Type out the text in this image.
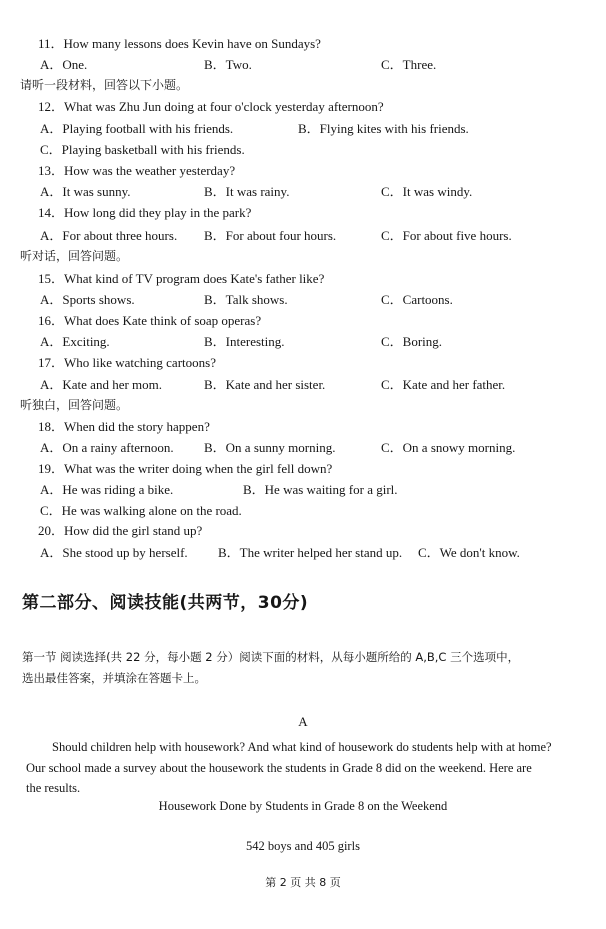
11．How many lessons does Kevin have on Sundays?
A．One.	B．Two.	C．Three.
请听一段材料，回答以下小题。
12．What was Zhu Jun doing at four o'clock yesterday afternoon?
A．Playing football with his friends.	B．Flying kites with his friends.
C．Playing basketball with his friends.
13．How was the weather yesterday?
A．It was sunny.	B．It was rainy.	C．It was windy.
14．How long did they play in the park?
A．For about three hours. B．For about four hours.	C．For about five hours.
听对话，回答问题。
15．What kind of TV program does Kate's father like?
A．Sports shows.	B．Talk shows.	C．Cartoons.
16．What does Kate think of soap operas?
A．Exciting.	B．Interesting.	C．Boring.
17．Who like watching cartoons?
A．Kate and her mom.	B．Kate and her sister.	C．Kate and her father.
听独白，回答问题。
18．When did the story happen?
A．On a rainy afternoon. B．On a sunny morning.	C．On a snowy morning.
19．What was the writer doing when the girl fell down?
A．He was riding a bike.	B．He was waiting for a girl.
C．He was walking alone on the road.
20．How did the girl stand up?
A．She stood up by herself. B．The writer helped her stand up. C．We don't know.
第二部分、阅读技能(共两节，30分)
第一节 阅读选择(共 22 分，每小题 2 分）阅读下面的材料，从每小题所给的 A,B,C 三个选项中，
选出最佳答案，并填涂在答题卡上。
A
Should children help with housework? And what kind of housework do students help with at home?
Our school made a survey about the housework the students in Grade 8 did on the weekend. Here are
the results.
Housework Done by Students in Grade 8 on the Weekend
542 boys and 405 girls
第 2 页 共 8 页
